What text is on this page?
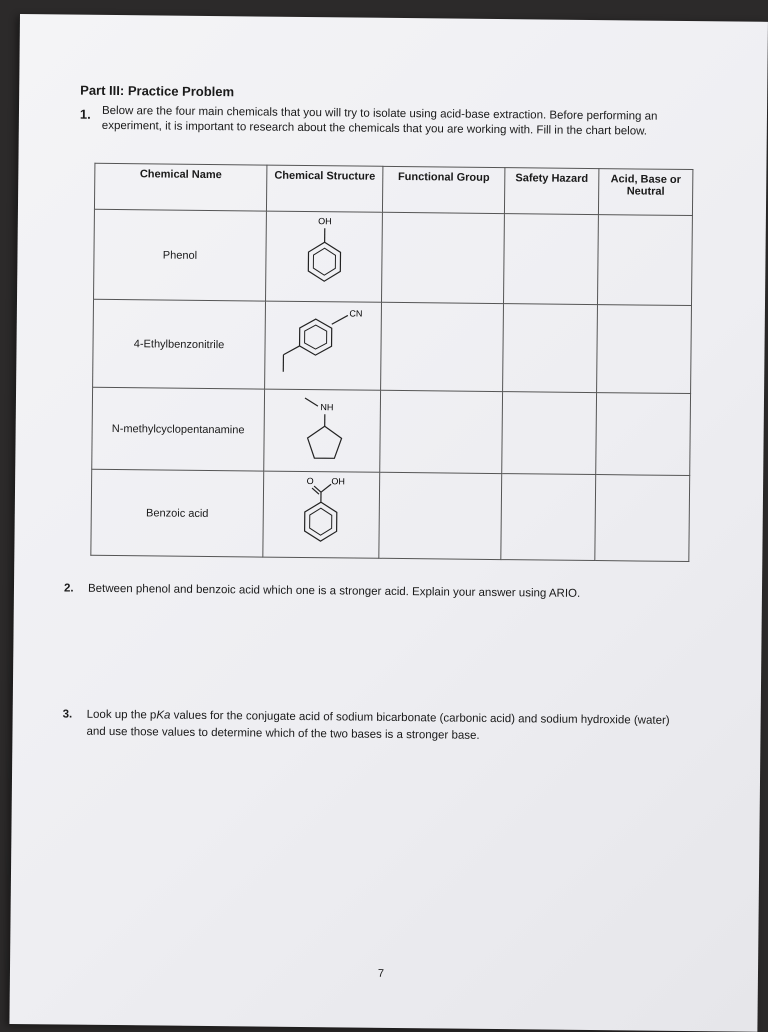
Part III: Practice Problem
1. Below are the four main chemicals that you will try to isolate using acid-base extraction. Before performing an experiment, it is important to research about the chemicals that you are working with. Fill in the chart below.
Chemical Name	Chemical Structure	Functional Group	Safety Hazard	Acid, Base or Neutral

Phenol	OH			

4-Ethylbenzonitrile	CN			

N-methylcyclopentanamine	NH			

Benzoic acid	O OH			

2. Between phenol and benzoic acid which one is a stronger acid. Explain your answer using ARIO.
3. Look up the pKa values for the conjugate acid of sodium bicarbonate (carbonic acid) and sodium hydroxide (water) and use those values to determine which of the two bases is a stronger base.
7
